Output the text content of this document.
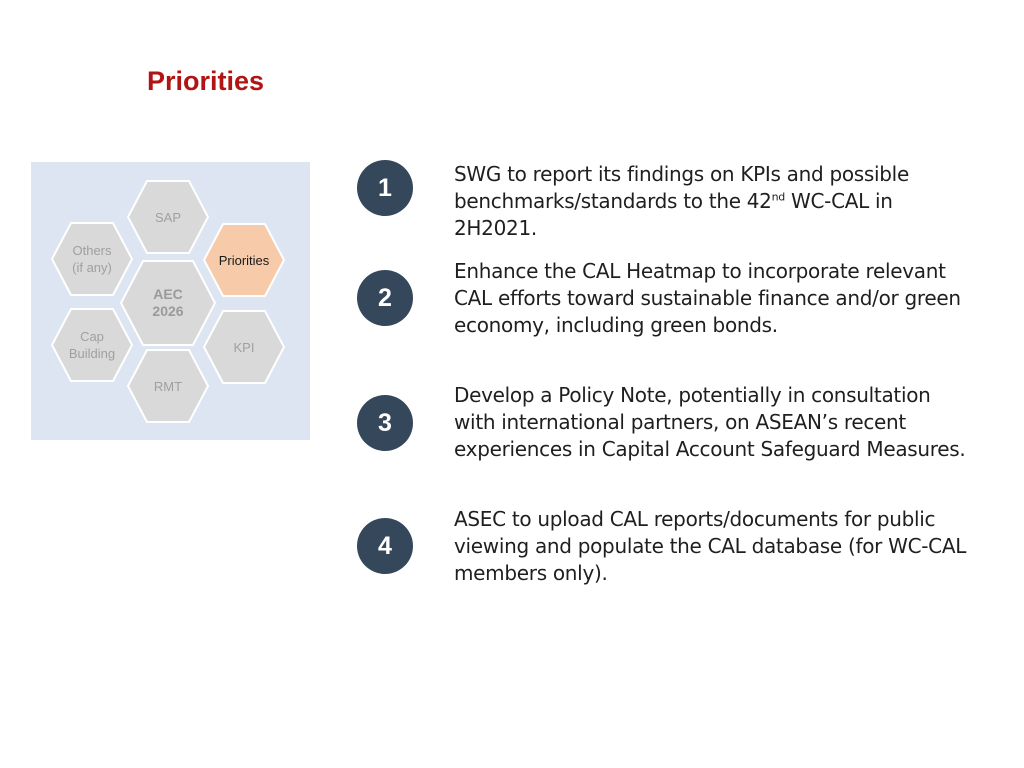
Priorities
SAP
Others
(if any)	Priorities
AEC
2026
Cap
Building	KPI
RMT
1	SWG to report its findings on KPIs and possible benchmarks/standards to the 42nd WC-CAL in 2H2021.
2
Enhance the CAL Heatmap to incorporate relevant CAL efforts toward sustainable finance and/or green economy, including green bonds.
3
Develop a Policy Note, potentially in consultation with international partners, on ASEAN’s recent experiences in Capital Account Safeguard Measures.
4
ASEC to upload CAL reports/documents for public viewing and populate the CAL database (for WC-CAL members only).
